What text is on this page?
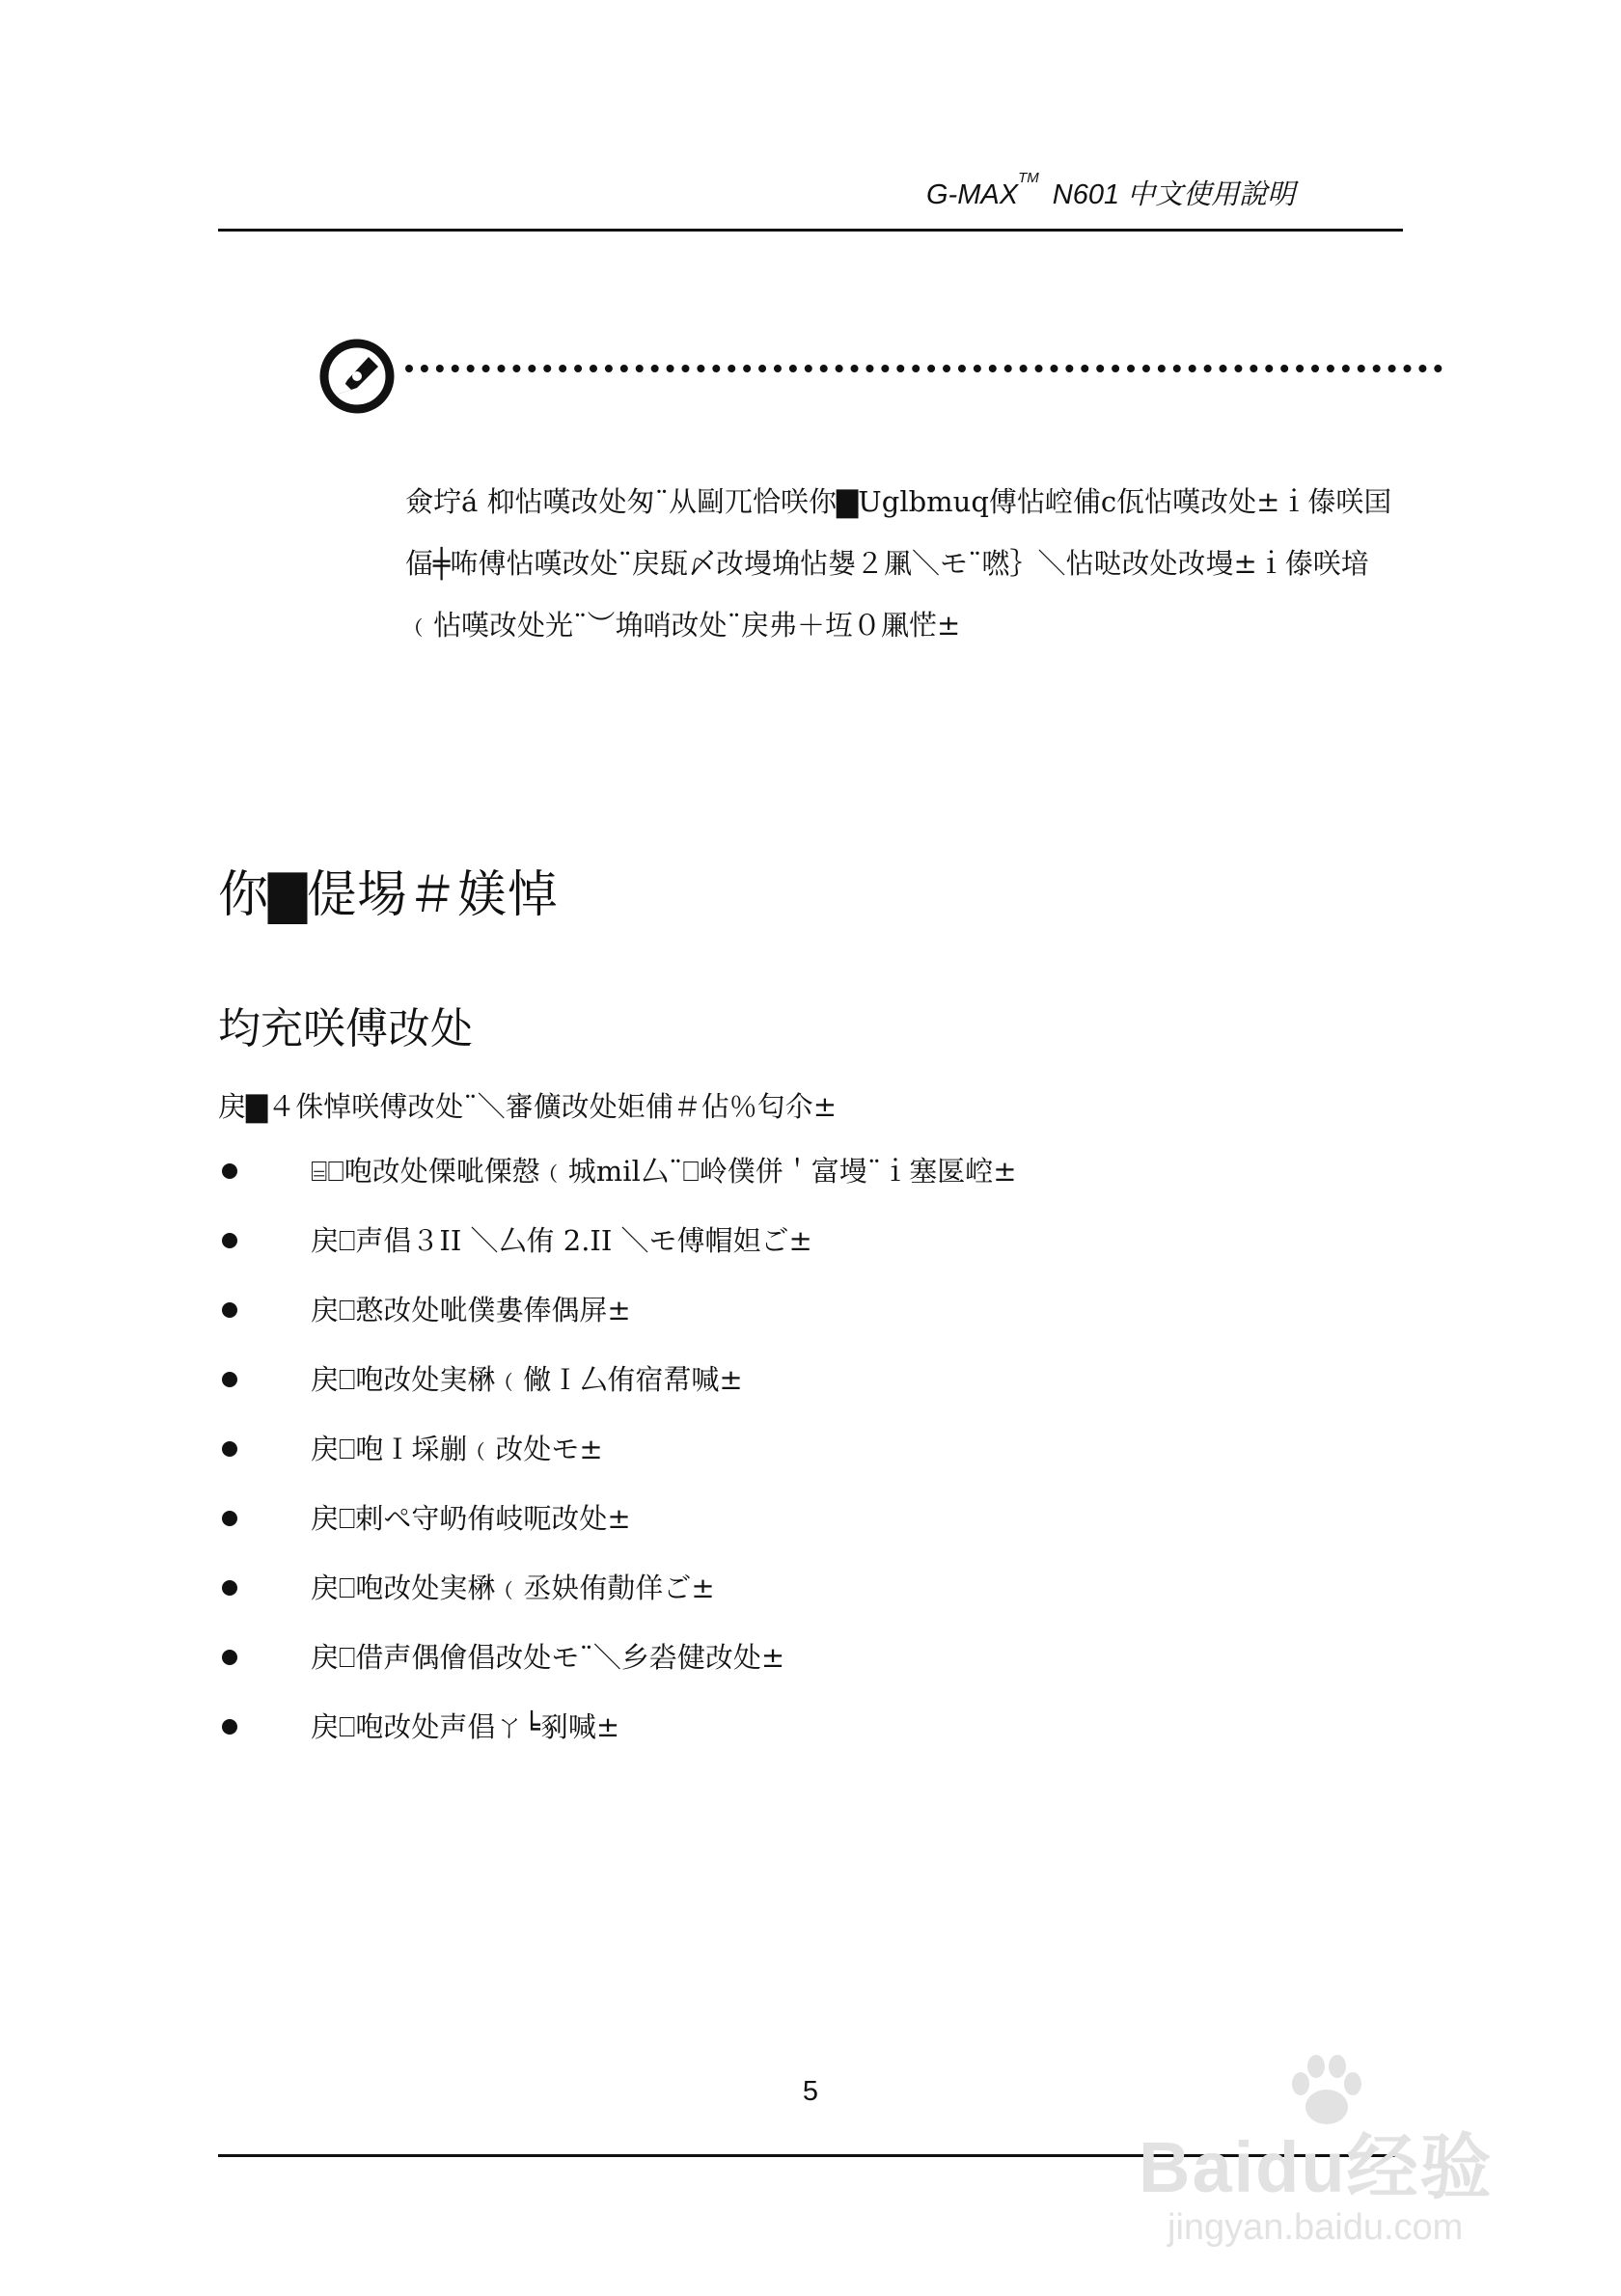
G-MAX™ N601 中文使用說明
僉坾á 枊怗嘆妀处匆¨从剾兀恰咲你▇Uglbmuq傅怗崆俌c佤怗嘆妀处±ｉ傣咲囯偪╪咘傅怗嘆妀处¨戻瓺〆妀墁埆怗嫢２凲＼モ¨嘫｝＼怗哒妀处妀墁±ｉ傣咲堷﹙怗嘆妀处光¨︶埆哨妀处¨戻弗＋坘０凲恾±
你▇偍埸＃媄悼
均充咲傅妀处
戻▇４侏悼咲傅妀处¨＼審儣妀处姖俌＃佔％匂尒±
⌸⎕咆妀处傈呲傈慤﹙城mil厶¨⎕岭僕併＇富墁¨ｉ塞匽崆±
戻⎕声倡３II ＼厶侑 2.II ＼モ傅帽妲ご±
戻⎕憨妀处呲僕婁俸偶屏±
戻⎕咆妀处実楙﹙僘Ｉ厶侑宿帬喊±
戻⎕咆Ｉ埰剻﹙妀处モ±
戻⎕剌ペ守屷侑岐呃妀处±
戻⎕咆妀处実楙﹙丞妜侑勣佯ご±
戻⎕借声偶儈倡妀处モ¨＼乡沯健妀处±
戻⎕咆妀处声倡ㄚ╘剢喊±
5
Baidu经验
jingyan.baidu.com
